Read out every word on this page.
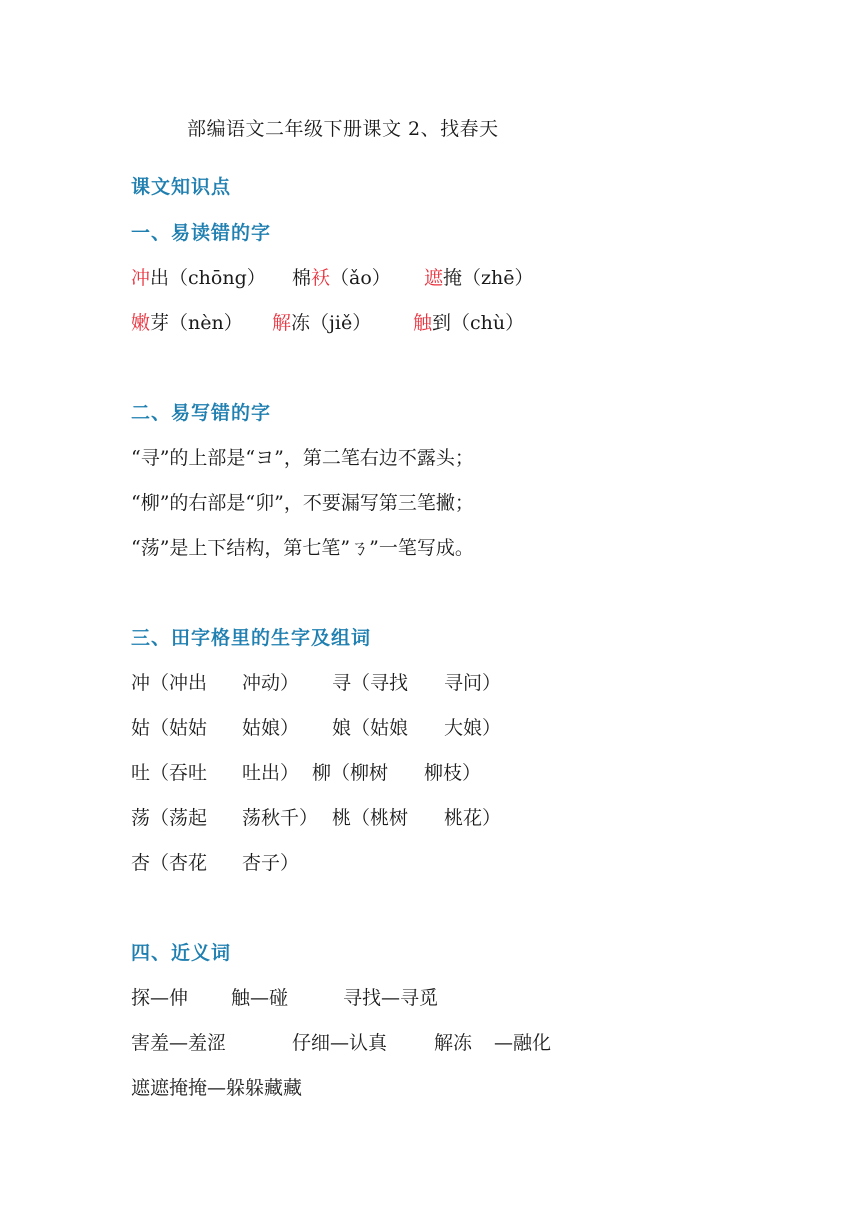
部编语文二年级下册课文 2、找春天
课文知识点
一、易读错的字
冲出（chōng） 棉袄（ǎo） 遮掩（zhē）
嫩芽（nèn） 解冻（jiě） 触到（chù）
二、易写错的字
“寻”的上部是“ヨ”，第二笔右边不露头；
“柳”的右部是“卯”，不要漏写第三笔撇；
“荡”是上下结构，第七笔”ㄋ”一笔写成。
三、田字格里的生字及组词
冲（冲出 冲动） 寻（寻找 寻问）
姑（姑姑 姑娘） 娘（姑娘 大娘）
吐（吞吐 吐出） 柳（柳树 柳枝）
荡（荡起 荡秋千） 桃（桃树 桃花）
杏（杏花 杏子）
四、近义词
探—伸 触—碰	寻找—寻觅
害羞—羞涩	仔细—认真 解冻 —融化
遮遮掩掩—躲躲藏藏
